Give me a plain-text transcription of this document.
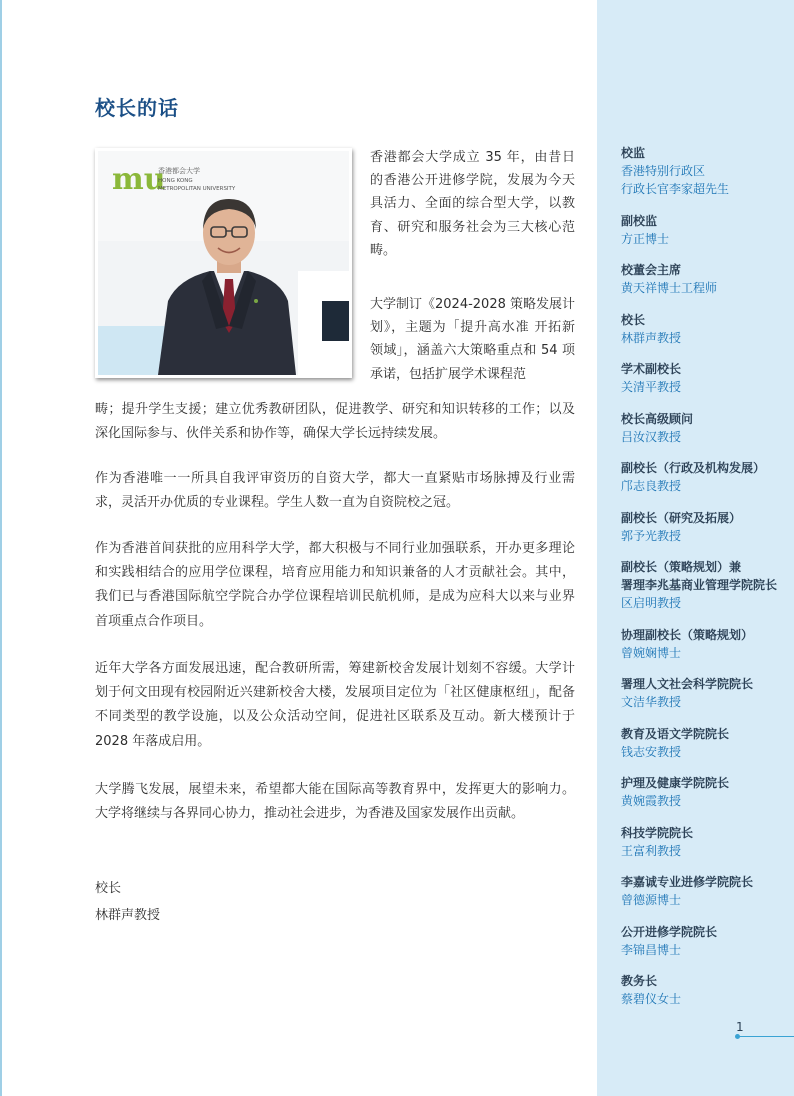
校长的话
mu
香港都会大学
HONG KONG
METROPOLITAN UNIVERSITY

香港都会大学成立 35 年，由昔日的香港公开进修学院，发展为今天具活力、全面的综合型大学，以教育、研究和服务社会为三大核心范畴。

大学制订《2024-2028 策略发展计划》，主题为「提升高水准 开拓新领域」，涵盖六大策略重点和 54 项承诺，包括扩展学术课程范

畴；提升学生支援；建立优秀教研团队，促进教学、研究和知识转移的工作；以及深化国际参与、伙伴关系和协作等，确保大学长远持续发展。

作为香港唯一一所具自我评审资历的自资大学，都大一直紧贴市场脉搏及行业需求，灵活开办优质的专业课程。学生人数一直为自资院校之冠。

作为香港首间获批的应用科学大学，都大积极与不同行业加强联系，开办更多理论和实践相结合的应用学位课程，培育应用能力和知识兼备的人才贡献社会。其中，我们已与香港国际航空学院合办学位课程培训民航机师，是成为应科大以来与业界首项重点合作项目。

近年大学各方面发展迅速，配合教研所需，筹建新校舍发展计划刻不容缓。大学计划于何文田现有校园附近兴建新校舍大楼，发展项目定位为「社区健康枢纽」，配备不同类型的教学设施，以及公众活动空间，促进社区联系及互动。新大楼预计于 2028 年落成启用。

大学腾飞发展，展望未来，希望都大能在国际高等教育界中，发挥更大的影响力。大学将继续与各界同心协力，推动社会进步，为香港及国家发展作出贡献。

校长
林群声教授
校监
香港特别行政区
行政长官李家超先生
副校监
方正博士
校董会主席
黄天祥博士工程师
校长
林群声教授
学术副校长
关清平教授
校长高级顾问
吕汝汉教授
副校长（行政及机构发展）
邝志良教授
副校长（研究及拓展）
郭予光教授
副校长（策略规划）兼
署理李兆基商业管理学院院长
区启明教授
协理副校长（策略规划）
曾婉娴博士
署理人文社会科学院院长
文洁华教授
教育及语文学院院长
钱志安教授
护理及健康学院院长
黄婉霞教授
科技学院院长
王富利教授
李嘉诚专业进修学院院长
曾德源博士
公开进修学院院长
李锦昌博士
教务长
蔡碧仪女士
1
